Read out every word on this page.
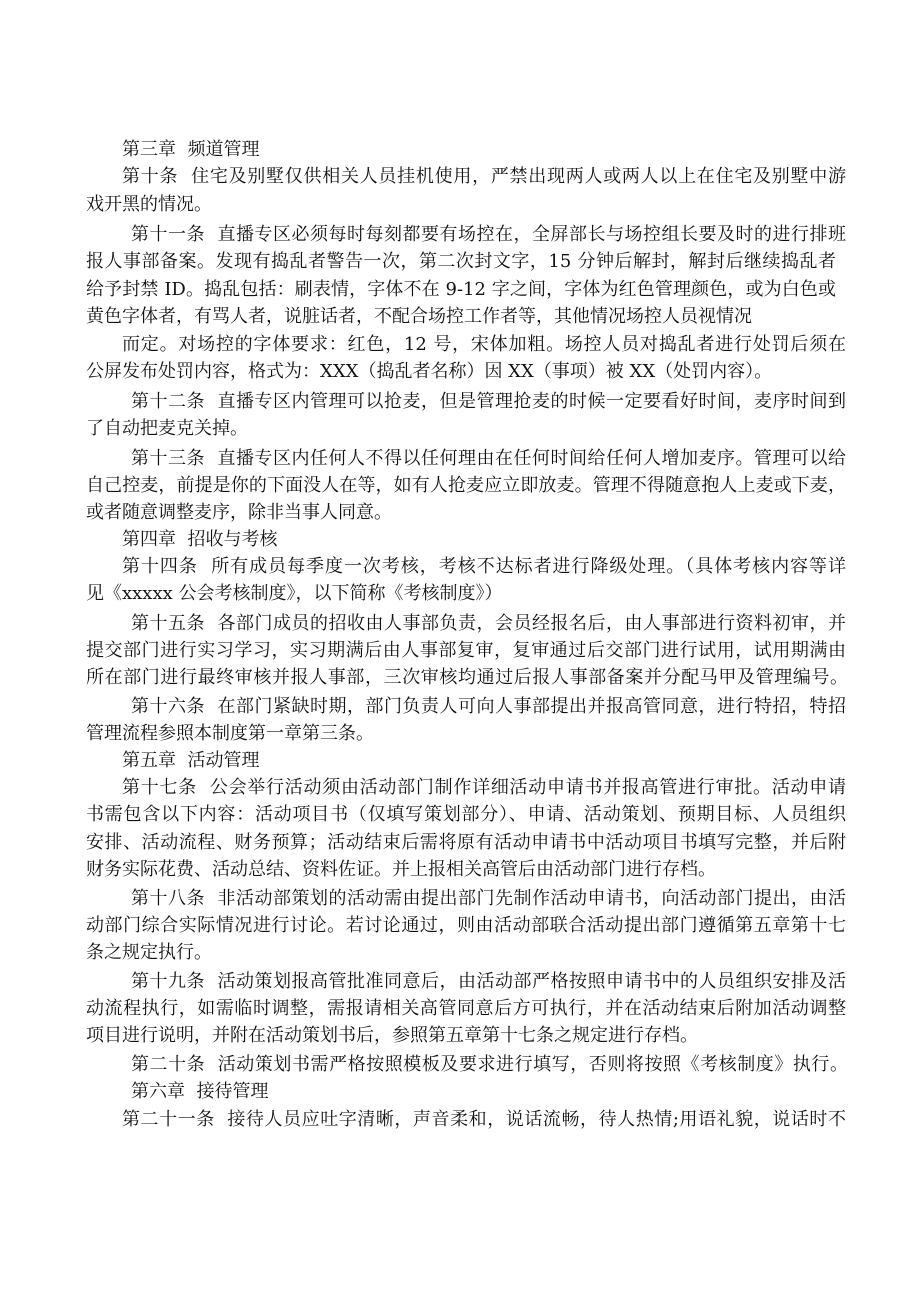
第三章  频道管理
第十条  住宅及别墅仅供相关人员挂机使用，严禁出现两人或两人以上在住宅及别墅中游
戏开黑的情况。
第十一条  直播专区必须每时每刻都要有场控在，全屏部长与场控组长要及时的进行排班
报人事部备案。发现有捣乱者警告一次，第二次封文字，15 分钟后解封，解封后继续捣乱者
给予封禁 ID。捣乱包括：刷表情，字体不在 9-12 字之间，字体为红色管理颜色，或为白色或
黄色字体者，有骂人者，说脏话者，不配合场控工作者等，其他情况场控人员视情况
而定。对场控的字体要求：红色，12 号，宋体加粗。场控人员对捣乱者进行处罚后须在
公屏发布处罚内容，格式为：XXX（捣乱者名称）因 XX（事项）被 XX（处罚内容）。
第十二条  直播专区内管理可以抢麦，但是管理抢麦的时候一定要看好时间，麦序时间到
了自动把麦克关掉。
第十三条  直播专区内任何人不得以任何理由在任何时间给任何人增加麦序。管理可以给
自己控麦，前提是你的下面没人在等，如有人抢麦应立即放麦。管理不得随意抱人上麦或下麦，
或者随意调整麦序，除非当事人同意。
第四章  招收与考核
第十四条  所有成员每季度一次考核，考核不达标者进行降级处理。（具体考核内容等详
见《xxxxx 公会考核制度》，以下简称《考核制度》）
第十五条  各部门成员的招收由人事部负责，会员经报名后，由人事部进行资料初审，并
提交部门进行实习学习，实习期满后由人事部复审，复审通过后交部门进行试用，试用期满由
所在部门进行最终审核并报人事部，三次审核均通过后报人事部备案并分配马甲及管理编号。
第十六条  在部门紧缺时期，部门负责人可向人事部提出并报高管同意，进行特招，特招
管理流程参照本制度第一章第三条。
第五章  活动管理
第十七条  公会举行活动须由活动部门制作详细活动申请书并报高管进行审批。活动申请
书需包含以下内容：活动项目书（仅填写策划部分）、申请、活动策划、预期目标、人员组织
安排、活动流程、财务预算；活动结束后需将原有活动申请书中活动项目书填写完整，并后附
财务实际花费、活动总结、资料佐证。并上报相关高管后由活动部门进行存档。
第十八条  非活动部策划的活动需由提出部门先制作活动申请书，向活动部门提出，由活
动部门综合实际情况进行讨论。若讨论通过，则由活动部联合活动提出部门遵循第五章第十七
条之规定执行。
第十九条  活动策划报高管批准同意后，由活动部严格按照申请书中的人员组织安排及活
动流程执行，如需临时调整，需报请相关高管同意后方可执行，并在活动结束后附加活动调整
项目进行说明，并附在活动策划书后，参照第五章第十七条之规定进行存档。
第二十条  活动策划书需严格按照模板及要求进行填写，否则将按照《考核制度》执行。
第六章  接待管理
第二十一条  接待人员应吐字清晰，声音柔和，说话流畅，待人热情;用语礼貌，说话时不
